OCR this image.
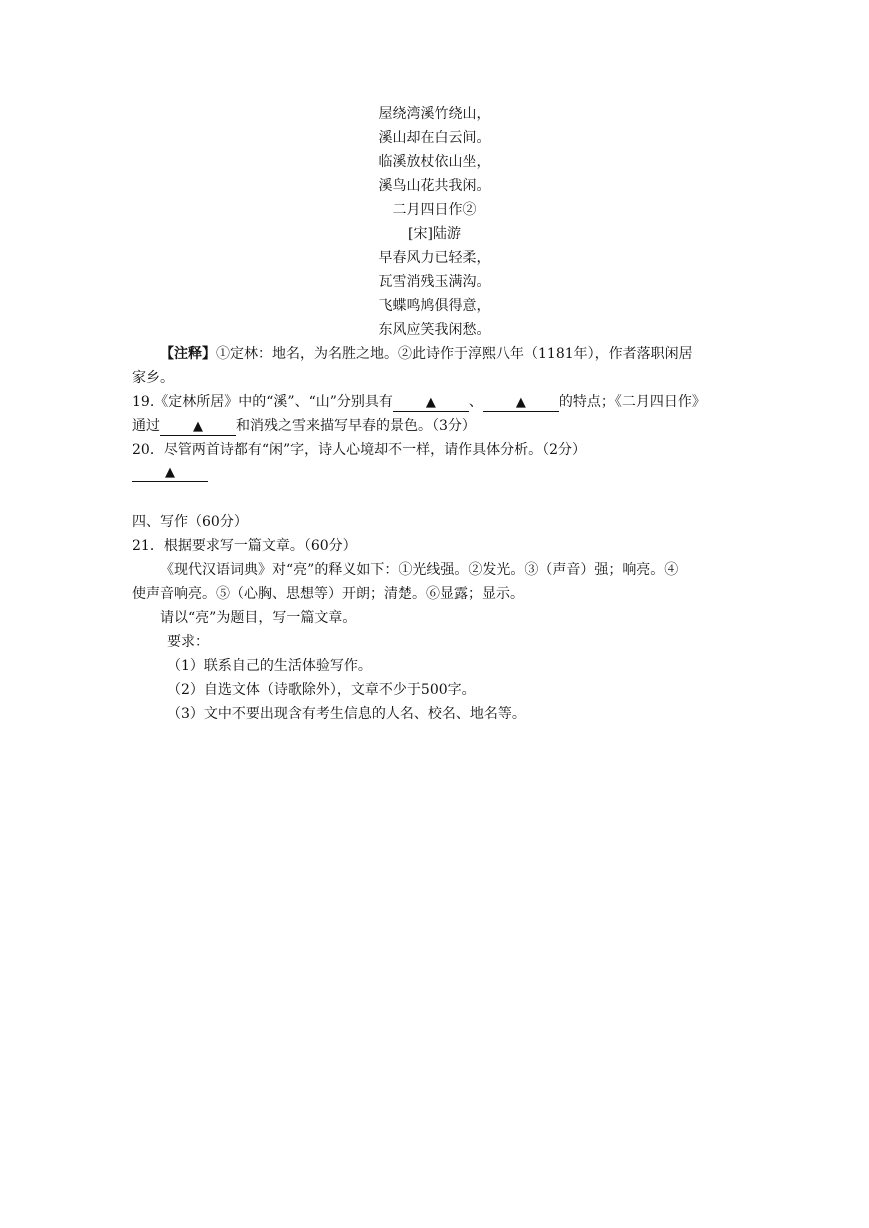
屋绕湾溪竹绕山，
溪山却在白云间。
临溪放杖依山坐，
溪鸟山花共我闲。
二月四日作②
[宋]陆游
早春风力已轻柔，
瓦雪消残玉满沟。
飞蝶鸣鸠俱得意，
东风应笑我闲愁。
【注释】①定林：地名，为名胜之地。②此诗作于淳熙八年（1181年），作者落职闲居
家乡。
19.《定林所居》中的“溪”、“山”分别具有	▲ 、	▲ 的特点；《二月四日作》
通过	▲ 和消残之雪来描写早春的景色。（3分）
20．尽管两首诗都有“闲”字，诗人心境却不一样，请作具体分析。（2分）
▲
四、写作（60分）
21．根据要求写一篇文章。（60分）
《现代汉语词典》对“亮”的释义如下：①光线强。②发光。③（声音）强；响亮。④
使声音响亮。⑤（心胸、思想等）开朗；清楚。⑥显露；显示。
请以“亮”为题目，写一篇文章。
要求：
（1）联系自己的生活体验写作。
（2）自选文体（诗歌除外），文章不少于500字。
（3）文中不要出现含有考生信息的人名、校名、地名等。
